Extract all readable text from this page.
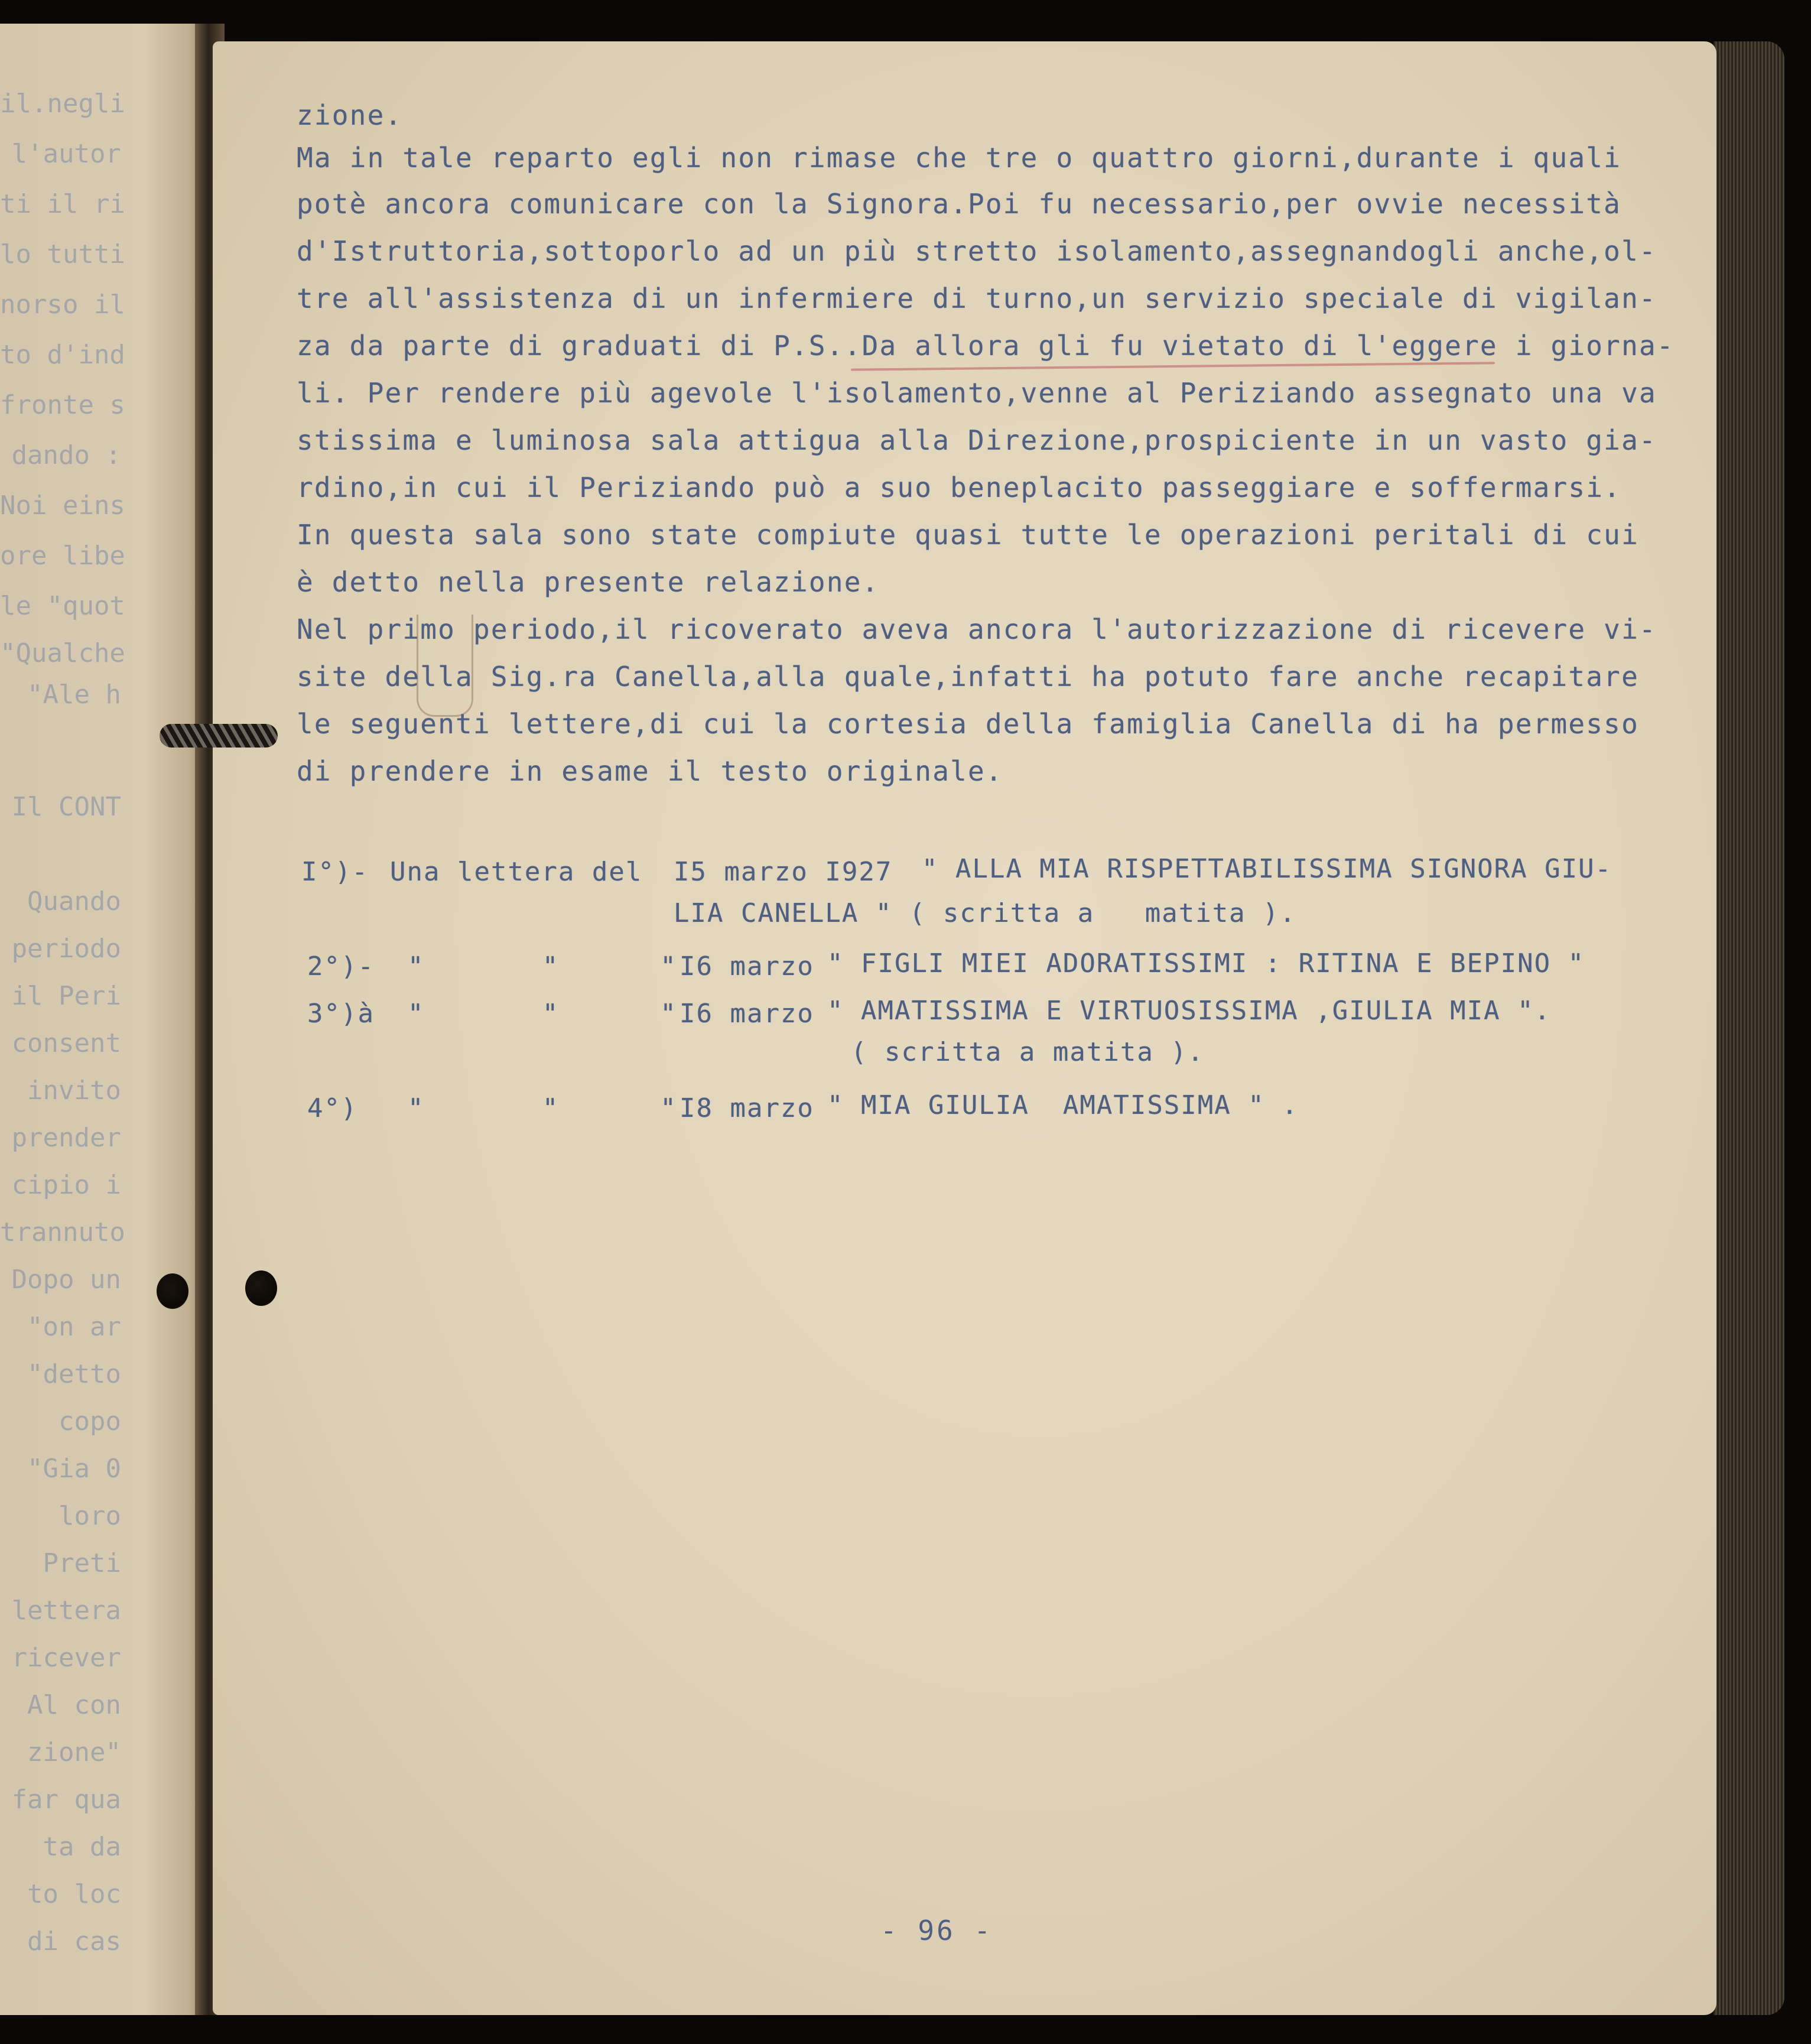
il.negli
l'autor
ti il ri
lo tutti
norso il
to d'ind
fronte s
dando :
Noi eins
ore libe
le "quot
"Qualche
"Ale h
Il CONT
Quando
periodo
il Peri
consent
invito
prender
cipio i
trannuto
Dopo un
"on ar
"detto
copo
"Gia 0
loro
Preti
lettera
ricever
Al con
zione"
far qua
ta da
to loc
di cas
zione.
Ma in tale reparto egli non rimase che tre o quattro giorni,durante i quali
potè ancora comunicare con la Signora.Poi fu necessario,per ovvie necessità
d'Istruttoria,sottoporlo ad un più stretto isolamento,assegnandogli anche,ol-
tre all'assistenza di un infermiere di turno,un servizio speciale di vigilan-
za da parte di graduati di P.S..Da allora gli fu vietato di l'eggere i giorna-
li. Per rendere più agevole l'isolamento,venne al Periziando assegnato una va
stissima e luminosa sala attigua alla Direzione,prospiciente in un vasto gia-
rdino,in cui il Periziando può a suo beneplacito passeggiare e soffermarsi.
In questa sala sono state compiute quasi tutte le operazioni peritali di cui
è detto nella presente relazione.
Nel primo periodo,il ricoverato aveva ancora l'autorizzazione di ricevere vi-
site della Sig.ra Canella,alla quale,infatti ha potuto fare anche recapitare
le seguenti lettere,di cui la cortesia della famiglia Canella di ha permesso
di prendere in esame il testo originale.
I°)- Una lettera del I5 marzo I927 " ALLA MIA RISPETTABILISSIMA SIGNORA GIU-
LIA CANELLA " ( scritta a   matita ).
2°)- "       "      " I6 marzo " FIGLI MIEI ADORATISSIMI : RITINA E BEPINO "
3°)à "       "      " I6 marzo " AMATISSIMA E VIRTUOSISSIMA ,GIULIA MIA ".
( scritta a matita ).
4°) "       "      " I8 marzo " MIA GIULIA  AMATISSIMA " .
- 96 -
